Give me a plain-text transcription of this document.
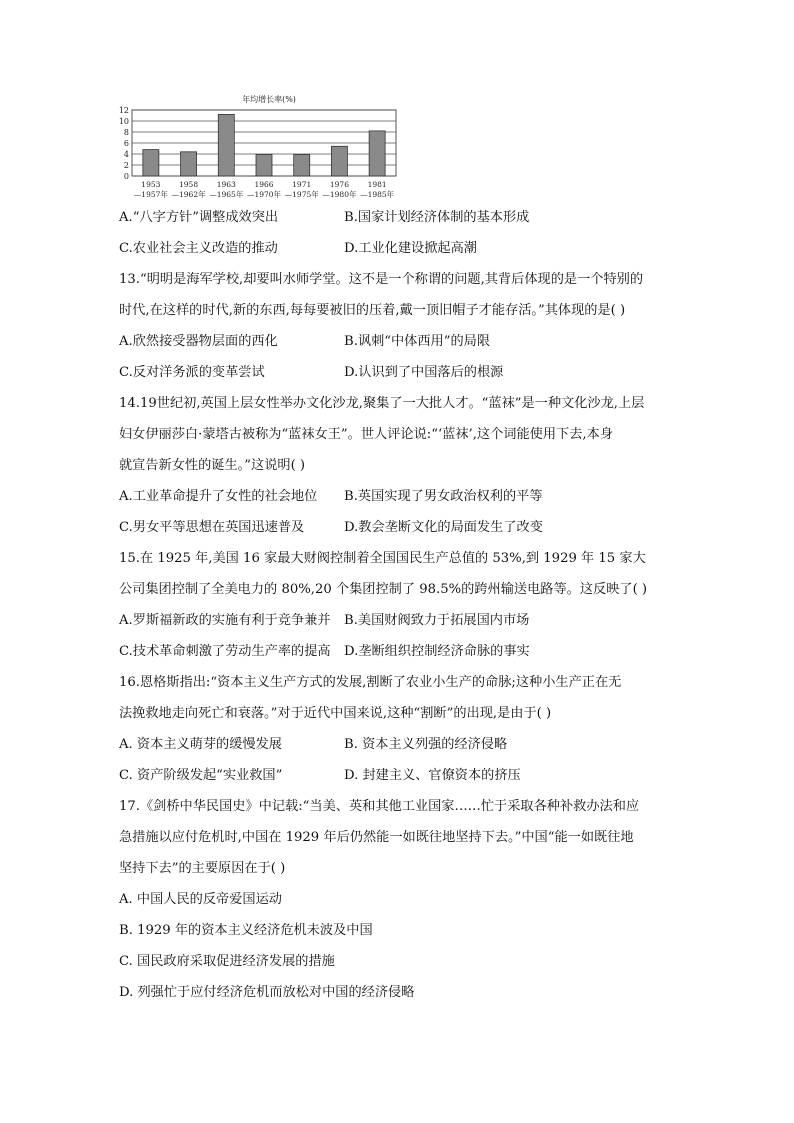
年均增长率(%)
0
2
4
6
8
10
12
1953
—1957年
1958
—1962年
1963
—1965年
1966
—1970年
1971
—1975年
1976
—1980年
1981
—1985年
A.“八字方针”调整成效突出	B.国家计划经济体制的基本形成
C.农业社会主义改造的推动	D.工业化建设掀起高潮
13.“明明是海军学校,却要叫水师学堂。这不是一个称谓的问题,其背后体现的是一个特别的
时代,在这样的时代,新的东西,每每要被旧的压着,戴一顶旧帽子才能存活。”其体现的是( )
A.欣然接受器物层面的西化	B.讽刺“中体西用”的局限
C.反对洋务派的变革尝试	D.认识到了中国落后的根源
14.19世纪初,英国上层女性举办文化沙龙,聚集了一大批人才。“蓝袜”是一种文化沙龙,上层
妇女伊丽莎白·蒙塔古被称为“蓝袜女王”。世人评论说:“‘蓝袜’,这个词能使用下去,本身
就宣告新女性的诞生。”这说明( )
A.工业革命提升了女性的社会地位	B.英国实现了男女政治权利的平等
C.男女平等思想在英国迅速普及	D.教会垄断文化的局面发生了改变
15.在 1925 年,美国 16 家最大财阀控制着全国国民生产总值的 53%,到 1929 年 15 家大
公司集团控制了全美电力的 80%,20 个集团控制了 98.5%的跨州输送电路等。这反映了( )
A.罗斯福新政的实施有利于竞争兼并	B.美国财阀致力于拓展国内市场
C.技术革命刺激了劳动生产率的提高	D.垄断组织控制经济命脉的事实
16.恩格斯指出:“资本主义生产方式的发展,割断了农业小生产的命脉;这种小生产正在无
法挽救地走向死亡和衰落。”对于近代中国来说,这种“割断”的出现,是由于( )
A. 资本主义萌芽的缓慢发展	B. 资本主义列强的经济侵略
C. 资产阶级发起“实业救国”	D. 封建主义、官僚资本的挤压
17.《剑桥中华民国史》中记载:“当美、英和其他工业国家……忙于采取各种补救办法和应
急措施以应付危机时,中国在 1929 年后仍然能一如既往地坚持下去。”中国“能一如既往地
坚持下去”的主要原因在于( )
A. 中国人民的反帝爱国运动
B. 1929 年的资本主义经济危机未波及中国
C. 国民政府采取促进经济发展的措施
D. 列强忙于应付经济危机而放松对中国的经济侵略
